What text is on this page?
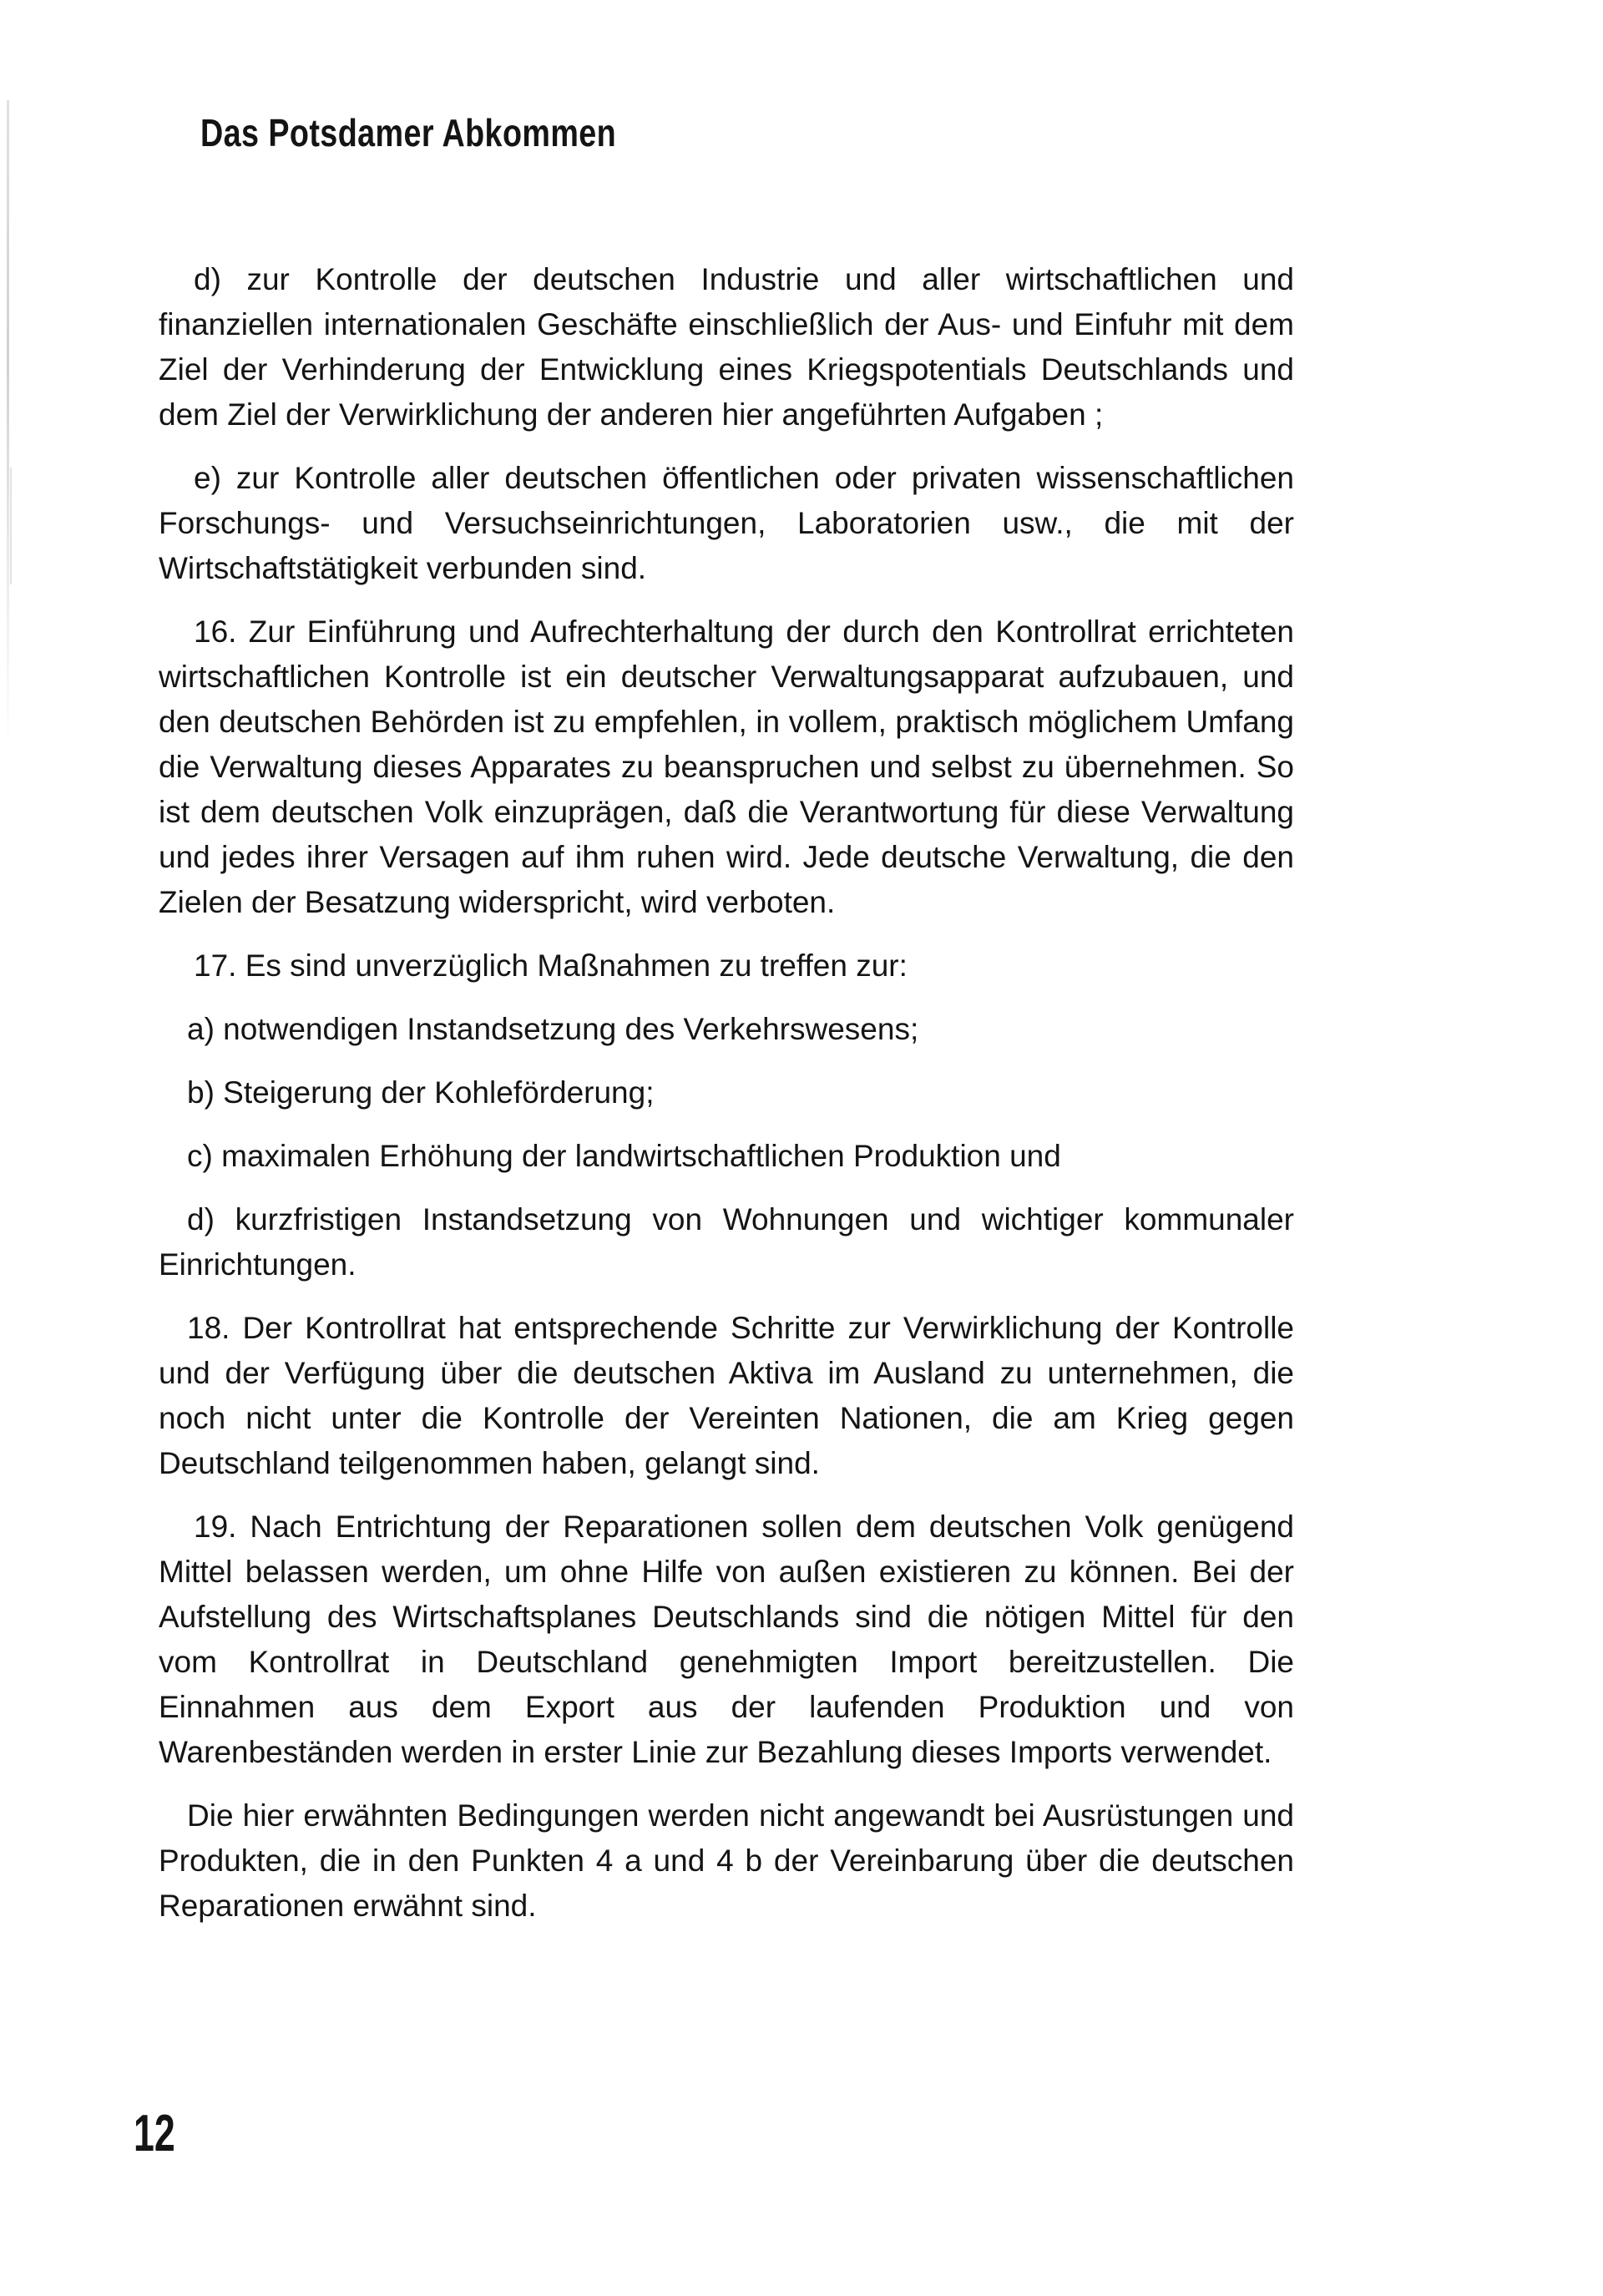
Das Potsdamer Abkommen

d) zur Kontrolle der deutschen Industrie und aller wirtschaftlichen und finanziellen internationalen Geschäfte einschließlich der Aus- und Einfuhr mit dem Ziel der Verhinderung der Entwicklung eines Kriegspotentials Deutschlands und dem Ziel der Verwirklichung der anderen hier angeführten Aufgaben ;

e) zur Kontrolle aller deutschen öffentlichen oder privaten wissenschaftlichen Forschungs- und Versuchseinrichtungen, Laboratorien usw., die mit der Wirtschaftstätigkeit verbunden sind.

16. Zur Einführung und Aufrechterhaltung der durch den Kontrollrat errichteten wirtschaftlichen Kontrolle ist ein deutscher Verwaltungsapparat aufzubauen, und den deutschen Behörden ist zu empfehlen, in vollem, praktisch möglichem Umfang die Verwaltung dieses Apparates zu beanspruchen und selbst zu übernehmen. So ist dem deutschen Volk einzuprägen, daß die Verantwortung für diese Verwaltung und jedes ihrer Versagen auf ihm ruhen wird. Jede deutsche Verwaltung, die den Zielen der Besatzung widerspricht, wird verboten.

17. Es sind unverzüglich Maßnahmen zu treffen zur:

a) notwendigen Instandsetzung des Verkehrswesens;

b) Steigerung der Kohleförderung;

c) maximalen Erhöhung der landwirtschaftlichen Produktion und

d) kurzfristigen Instandsetzung von Wohnungen und wichtiger kommunaler Einrichtungen.

18. Der Kontrollrat hat entsprechende Schritte zur Verwirklichung der Kontrolle und der Verfügung über die deutschen Aktiva im Ausland zu unternehmen, die noch nicht unter die Kontrolle der Vereinten Nationen, die am Krieg gegen Deutschland teilgenommen haben, gelangt sind.

19. Nach Entrichtung der Reparationen sollen dem deutschen Volk genügend Mittel belassen werden, um ohne Hilfe von außen existieren zu können. Bei der Aufstellung des Wirtschaftsplanes Deutschlands sind die nötigen Mittel für den vom Kontrollrat in Deutschland genehmigten Import bereitzustellen. Die Einnahmen aus dem Export aus der laufenden Produktion und von Warenbeständen werden in erster Linie zur Bezahlung dieses Imports verwendet.

Die hier erwähnten Bedingungen werden nicht angewandt bei Ausrüstungen und Produkten, die in den Punkten 4 a und 4 b der Vereinbarung über die deutschen Reparationen erwähnt sind.

12
